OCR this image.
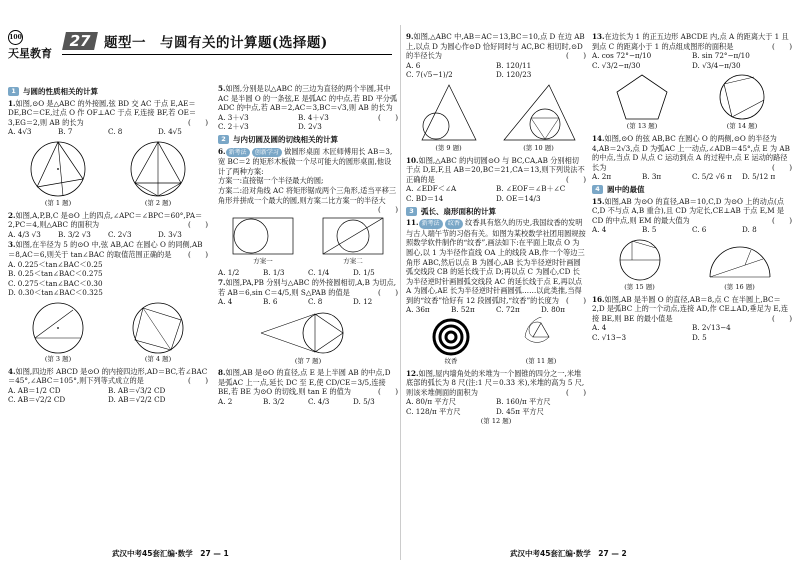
100
天星教育
27 题型一　与圆有关的计算题(选择题)
1 与圆的性质相关的计算
1.如图,⊙O 是△ABC 的外接圆,弦 BD 交 AC 于点 E,AE＝DE,BC＝CE,过点 O 作 OF⊥AC 于点 F,连接 BF,若 OE＝3,EG＝2,则 AB 的长为	(　　)
A. 4√3	B. 7	C. 8	D. 4√5
(第 1 题)	(第 2 题)
2.如图,A,P,B,C 是⊙O 上的四点,∠APC＝∠BPC＝60°,PA＝2,PC＝4,则△ABC 的面积为	(　　)
A. 4/3 √3	B. 3/2 √3	C. 2√3	D. 3√3
3.如图,在半径为 5 的⊙O 中,弦 AB,AC 在圆心 O 的同侧,AB＝8,AC＝6,则关于 tan∠BAC 的取值范围正确的是 (　　)
A. 0.225＜tan∠BAC＜0.25
B. 0.25＜tan∠BAC＜0.275
C. 0.275＜tan∠BAC＜0.30
D. 0.30＜tan∠BAC＜0.325
(第 3 题)	(第 4 题)
4.如图,四边形 ABCD 是⊙O 的内接四边形,AD＝BC,若∠BAC＝45°,∠ABC＝105°,则下列等式成立的是	(　　)
A. AB＝1/2 CD	B. AB＝√3/2 CD
C. AB＝√2/2 CD	D. AB＝√2/2 CD
5.如图,分别是以△ABC 的三边为直径的两个半圆,其中 AC 是半圆 O 的一条弦,E 是弧AC 的中点,若 BD 平分弧ADC 的中点,若 AB＝2,AC＝3,BC＝√3,则 AB 的长为
(　　)
A. 3＋√3	B. 4＋√3
C. 2＋√3	D. 2√3
2 与内切圆及圆的切线相关的计算
6. 新考法 创新学习 做圆形桌面 木匠师傅用长 AB＝3,宽 BC＝2 的矩形木板做一个尽可能大的圆形桌面,他设计了两种方案:
方案一:直接锯一个半径最大的圆;
方案二:沿对角线 AC 将矩形锯成两个三角形,适当平移三角形并拼成一个最大的圆,则方案二比方案一的半径大
(　　)
方案一	方案二
A. 1/2	B. 1/3	C. 1/4	D. 1/5
7.如图,PA,PB 分别与△ABC 的外接圆相切,A,B 为切点,若 AB＝6,sin C＝4/5,则 S△PAB 的值是	(　　)
A. 4	B. 6	C. 8	D. 12
(第 7 题)
8.如图,AB 是⊙O 的直径,点 E 是上半圆 AB 的中点,D 是弧AC 上一点,延长 DC 至 E,使 CD/CE＝3/5,连接 BE,若 BE 为⊙O 的切线,则 tan E 的值为	(　　)
A. 2	B. 3/2	C. 4/3	D. 5/3
9.如图,△ABC 中,AB＝AC＝13,BC＝10,点 D 在边 AB 上,以点 D 为圆心作⊙D 恰好同时与 AC,BC 相切时,⊙D 的半径长为	(　　)
A. 6	B. 120/11
C. 7(√5−1)/2	D. 120/23
(第 9 题)	(第 10 题)
10.如图,△ABC 的内切圆⊙O 与 BC,CA,AB 分别相切于点 D,E,F,且 AB＝20,BC＝21,CA＝13,则下列说法不正确的是	(　　)
A. ∠EDF＜∠A	B. ∠EOF＝∠B＋∠C
C. BD＝14	D. OE＝14/3
3 弧长、扇形面积的计算
11. 新考法 纹香 纹香具有悠久的历史,我国纹香的发明与古人端午节的习俗有关。如图为某校数学社团用圆规按照数学软件制作的“纹香”,画法如下:在平面上取点 O 为圆心,以 1 为半径作直线 OA 上的线段 AB,作一个等边三角形 ABC,然后以点 B 为圆心,AB 长为半径逆时针画圆弧交线段 CB 的延长线于点 D;再以点 C 为圆心,CD 长为半径逆时针画圆弧交线段 AC 的延长线于点 E,再以点 A 为圆心,AE 长为半径逆时针画圆弧……以此类推,当得到的“纹香”恰好有 12 段圆弧时,“纹香”的长度为 (　　)
A. 36π	B. 52π	C. 72π	D. 80π
纹香	(第 11 题)
12.如图,屋内墙角处的米堆为一个圆锥的四分之一,米堆底部的弧长为 8 尺(注:1 尺＝0.33 米),米堆的高为 5 尺,则该米堆侧面的面积为	(　　)
A. 80/π 平方尺	B. 160/π 平方尺
C. 128/π 平方尺	D. 45π 平方尺
(第 12 题)
13.在边长为 1 的正五边形 ABCDE 内,点 A 的距离大于 1 且到点 C 的距离小于 1 的点组成图形的面积是	(　　)
A. cos 72°−π/10	B. sin 72°−π/10
C. √3/2−π/30	D. √3/4−π/30
(第 13 题)	(第 14 题)
14.如图,⊙O 的弦 AB,BC 在圆心 O 的两侧,⊙O 的半径为 4,AB＝2√3,点 D 为弧AC 上一动点,∠ADB＝45°,点 E 为 AB 的中点,当点 D 从点 C 运动到点 A 的过程中,点 E 运动的路径长为	(　　)
A. 2π	B. 3π	C. 5/2 √6 π	D. 5/12 π
4 圆中的最值
15.如图,AB 为⊙O 的直径,AB＝10,C,D 为⊙O 上的动点(点 C,D 不与点 A,B 重合),且 CD 为定长,CE⊥AB 于点 E,M 是 CD 的中点,则 EM 的最大值为	(　　)
A. 4	B. 5	C. 6	D. 8
(第 15 题)	(第 16 题)
16.如图,AB 是半圆 O 的直径,AB＝8,点 C 在半圆上,BC＝2,D 是弧BC 上的一个动点,连接 AD,作 CE⊥AD,垂足为 E,连接 BE,则 BE 的最小值是	(　　)
A. 4	B. 2√13−4
C. √13−3	D. 5
武汉中考45套汇编·数学　 27 — 1	武汉中考45套汇编·数学　 27 — 2
